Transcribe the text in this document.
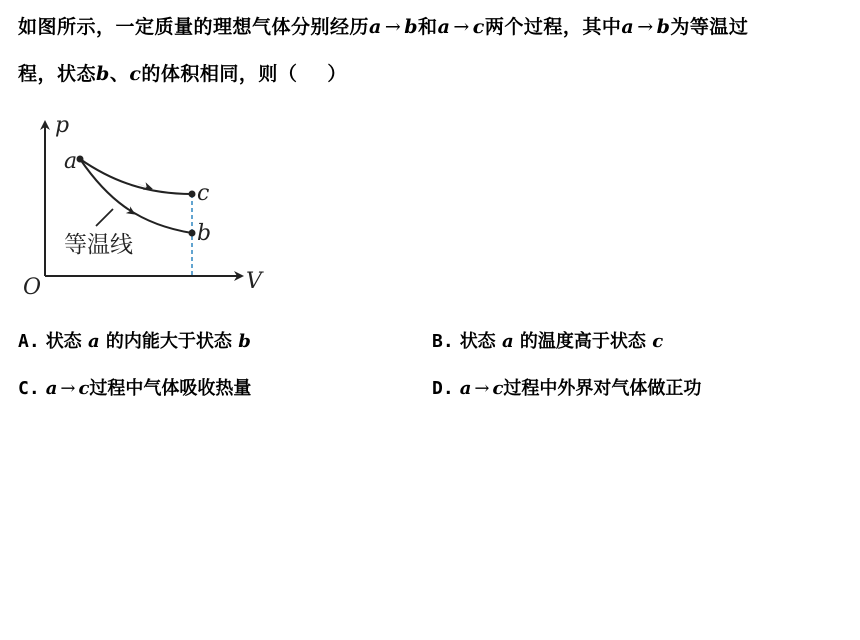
如图所示，一定质量的理想气体分别经历a → b和a → c两个过程，其中a → b为等温过
程，状态b、c的体积相同，则（ ）
p
V
O
a
c
b
等温线
A. 状态 a 的内能大于状态 b	B. 状态 a 的温度高于状态 c
C. a → c过程中气体吸收热量	D. a → c过程中外界对气体做正功
